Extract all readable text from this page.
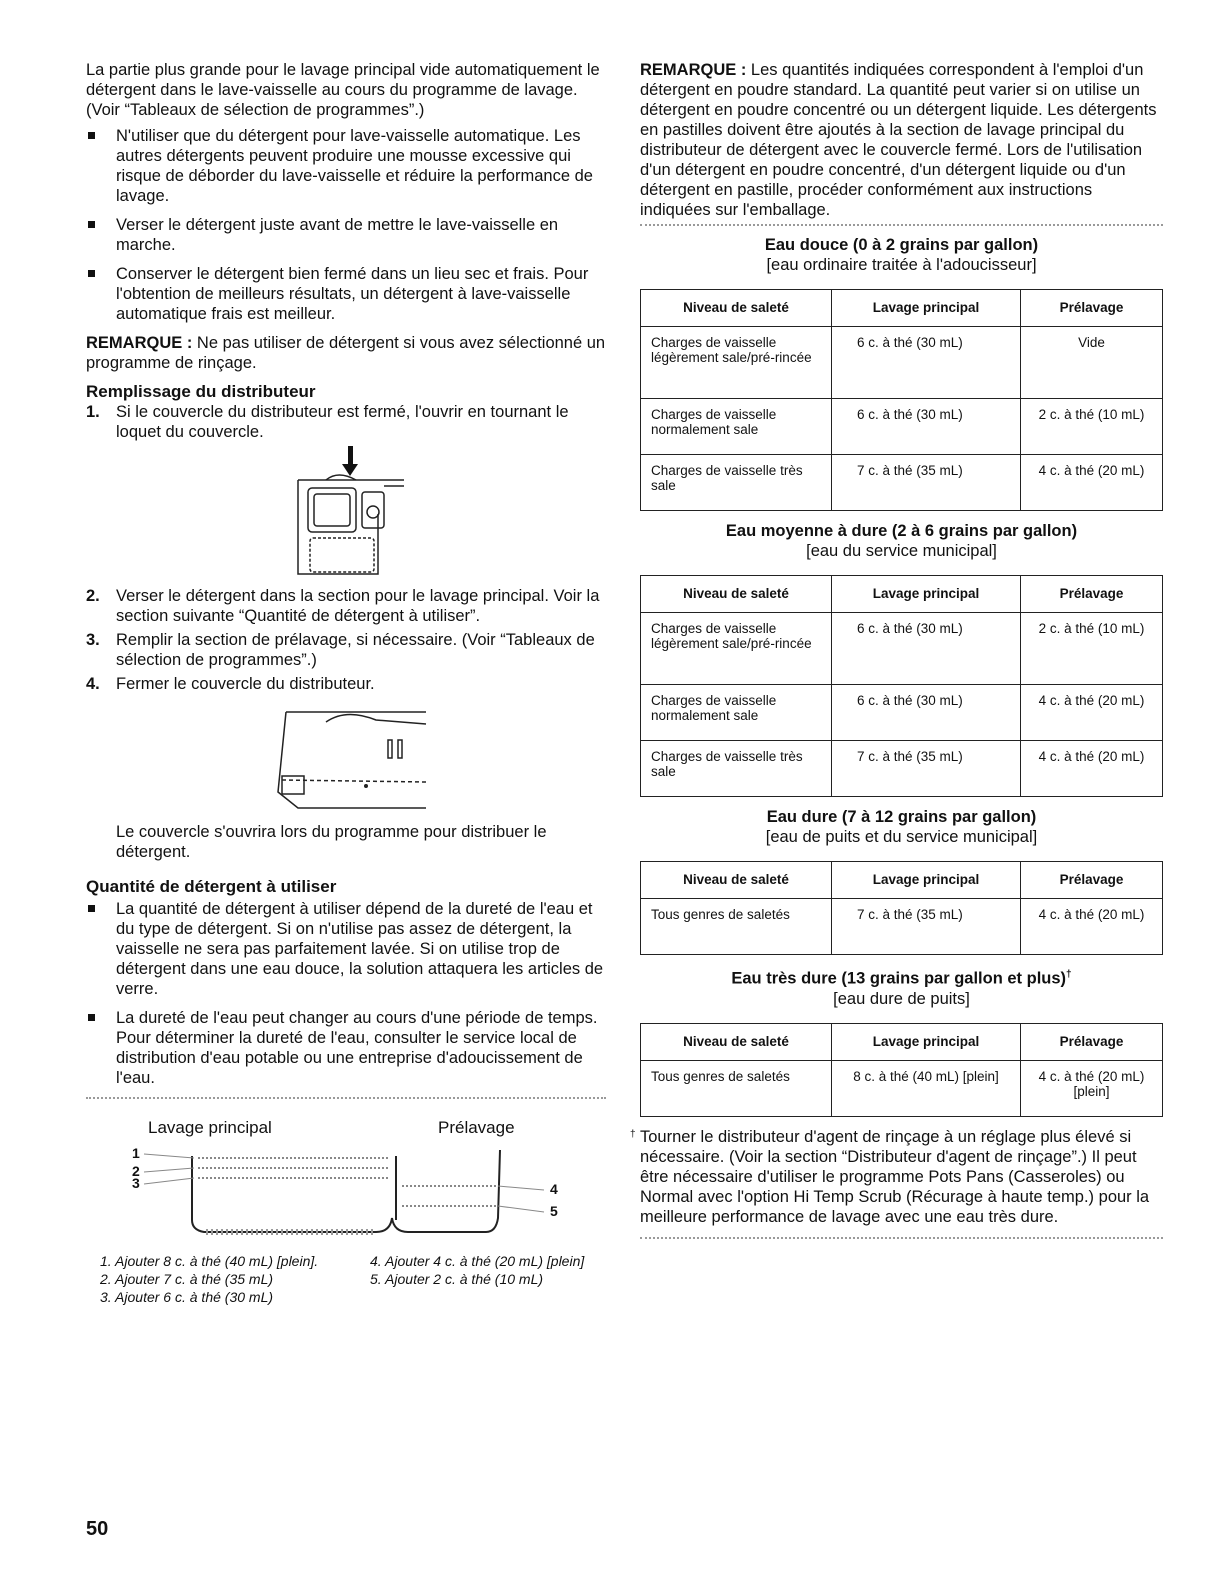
La partie plus grande pour le lavage principal vide automatiquement le détergent dans le lave-vaisselle au cours du programme de lavage. (Voir “Tableaux de sélection de programmes”.)

N'utiliser que du détergent pour lave-vaisselle automatique. Les autres détergents peuvent produire une mousse excessive qui risque de déborder du lave-vaisselle et réduire la performance de lavage.
Verser le détergent juste avant de mettre le lave-vaisselle en marche.
Conserver le détergent bien fermé dans un lieu sec et frais. Pour l'obtention de meilleurs résultats, un détergent à lave-vaisselle automatique frais est meilleur.

REMARQUE : Ne pas utiliser de détergent si vous avez sélectionné un programme de rinçage.

Remplissage du distributeur
1. Si le couvercle du distributeur est fermé, l'ouvrir en tournant le loquet du couvercle.
2. Verser le détergent dans la section pour le lavage principal. Voir la section suivante “Quantité de détergent à utiliser”.
3. Remplir la section de prélavage, si nécessaire. (Voir “Tableaux de sélection de programmes”.)
4. Fermer le couvercle du distributeur.

Le couvercle s'ouvrira lors du programme pour distribuer le détergent.

Quantité de détergent à utiliser
La quantité de détergent à utiliser dépend de la dureté de l'eau et du type de détergent. Si on n'utilise pas assez de détergent, la vaisselle ne sera pas parfaitement lavée. Si on utilise trop de détergent dans une eau douce, la solution attaquera les articles de verre.
La dureté de l'eau peut changer au cours d'une période de temps. Pour déterminer la dureté de l'eau, consulter le service local de distribution d'eau potable ou une entreprise d'adoucissement de l'eau.
Lavage principal	Prélavage
1
2
3	4
5
1. Ajouter 8 c. à thé (40 mL) [plein].	4. Ajouter 4 c. à thé (20 mL) [plein]
2. Ajouter 7 c. à thé (35 mL)	5. Ajouter 2 c. à thé (10 mL)
3. Ajouter 6 c. à thé (30 mL)

REMARQUE : Les quantités indiquées correspondent à l'emploi d'un détergent en poudre standard. La quantité peut varier si on utilise un détergent en poudre concentré ou un détergent liquide. Les détergents en pastilles doivent être ajoutés à la section de lavage principal du distributeur de détergent avec le couvercle fermé. Lors de l'utilisation d'un détergent en poudre concentré, d'un détergent liquide ou d'un détergent en pastille, procéder conformément aux instructions indiquées sur l'emballage.

Eau douce (0 à 2 grains par gallon)
[eau ordinaire traitée à l'adoucisseur]
Niveau de saleté	Lavage principal	Prélavage
Charges de vaisselle légèrement sale/pré-rincée	6 c. à thé (30 mL)	Vide
Charges de vaisselle normalement sale	6 c. à thé (30 mL)	2 c. à thé (10 mL)
Charges de vaisselle très sale	7 c. à thé (35 mL)	4 c. à thé (20 mL)
Eau moyenne à dure (2 à 6 grains par gallon)
[eau du service municipal]
Niveau de saleté	Lavage principal	Prélavage
Charges de vaisselle légèrement sale/pré-rincée	6 c. à thé (30 mL)	2 c. à thé (10 mL)
Charges de vaisselle normalement sale	6 c. à thé (30 mL)	4 c. à thé (20 mL)
Charges de vaisselle très sale	7 c. à thé (35 mL)	4 c. à thé (20 mL)
Eau dure (7 à 12 grains par gallon)
[eau de puits et du service municipal]
Niveau de saleté	Lavage principal	Prélavage
Tous genres de saletés	7 c. à thé (35 mL)	4 c. à thé (20 mL)
Eau très dure (13 grains par gallon et plus)†
[eau dure de puits]
Niveau de saleté	Lavage principal	Prélavage
Tous genres de saletés	8 c. à thé (40 mL) [plein]	4 c. à thé (20 mL) [plein]
† Tourner le distributeur d'agent de rinçage à un réglage plus élevé si nécessaire. (Voir la section “Distributeur d'agent de rinçage”.) Il peut être nécessaire d'utiliser le programme Pots Pans (Casseroles) ou Normal avec l'option Hi Temp Scrub (Récurage à haute temp.) pour la meilleure performance de lavage avec une eau très dure.
50
